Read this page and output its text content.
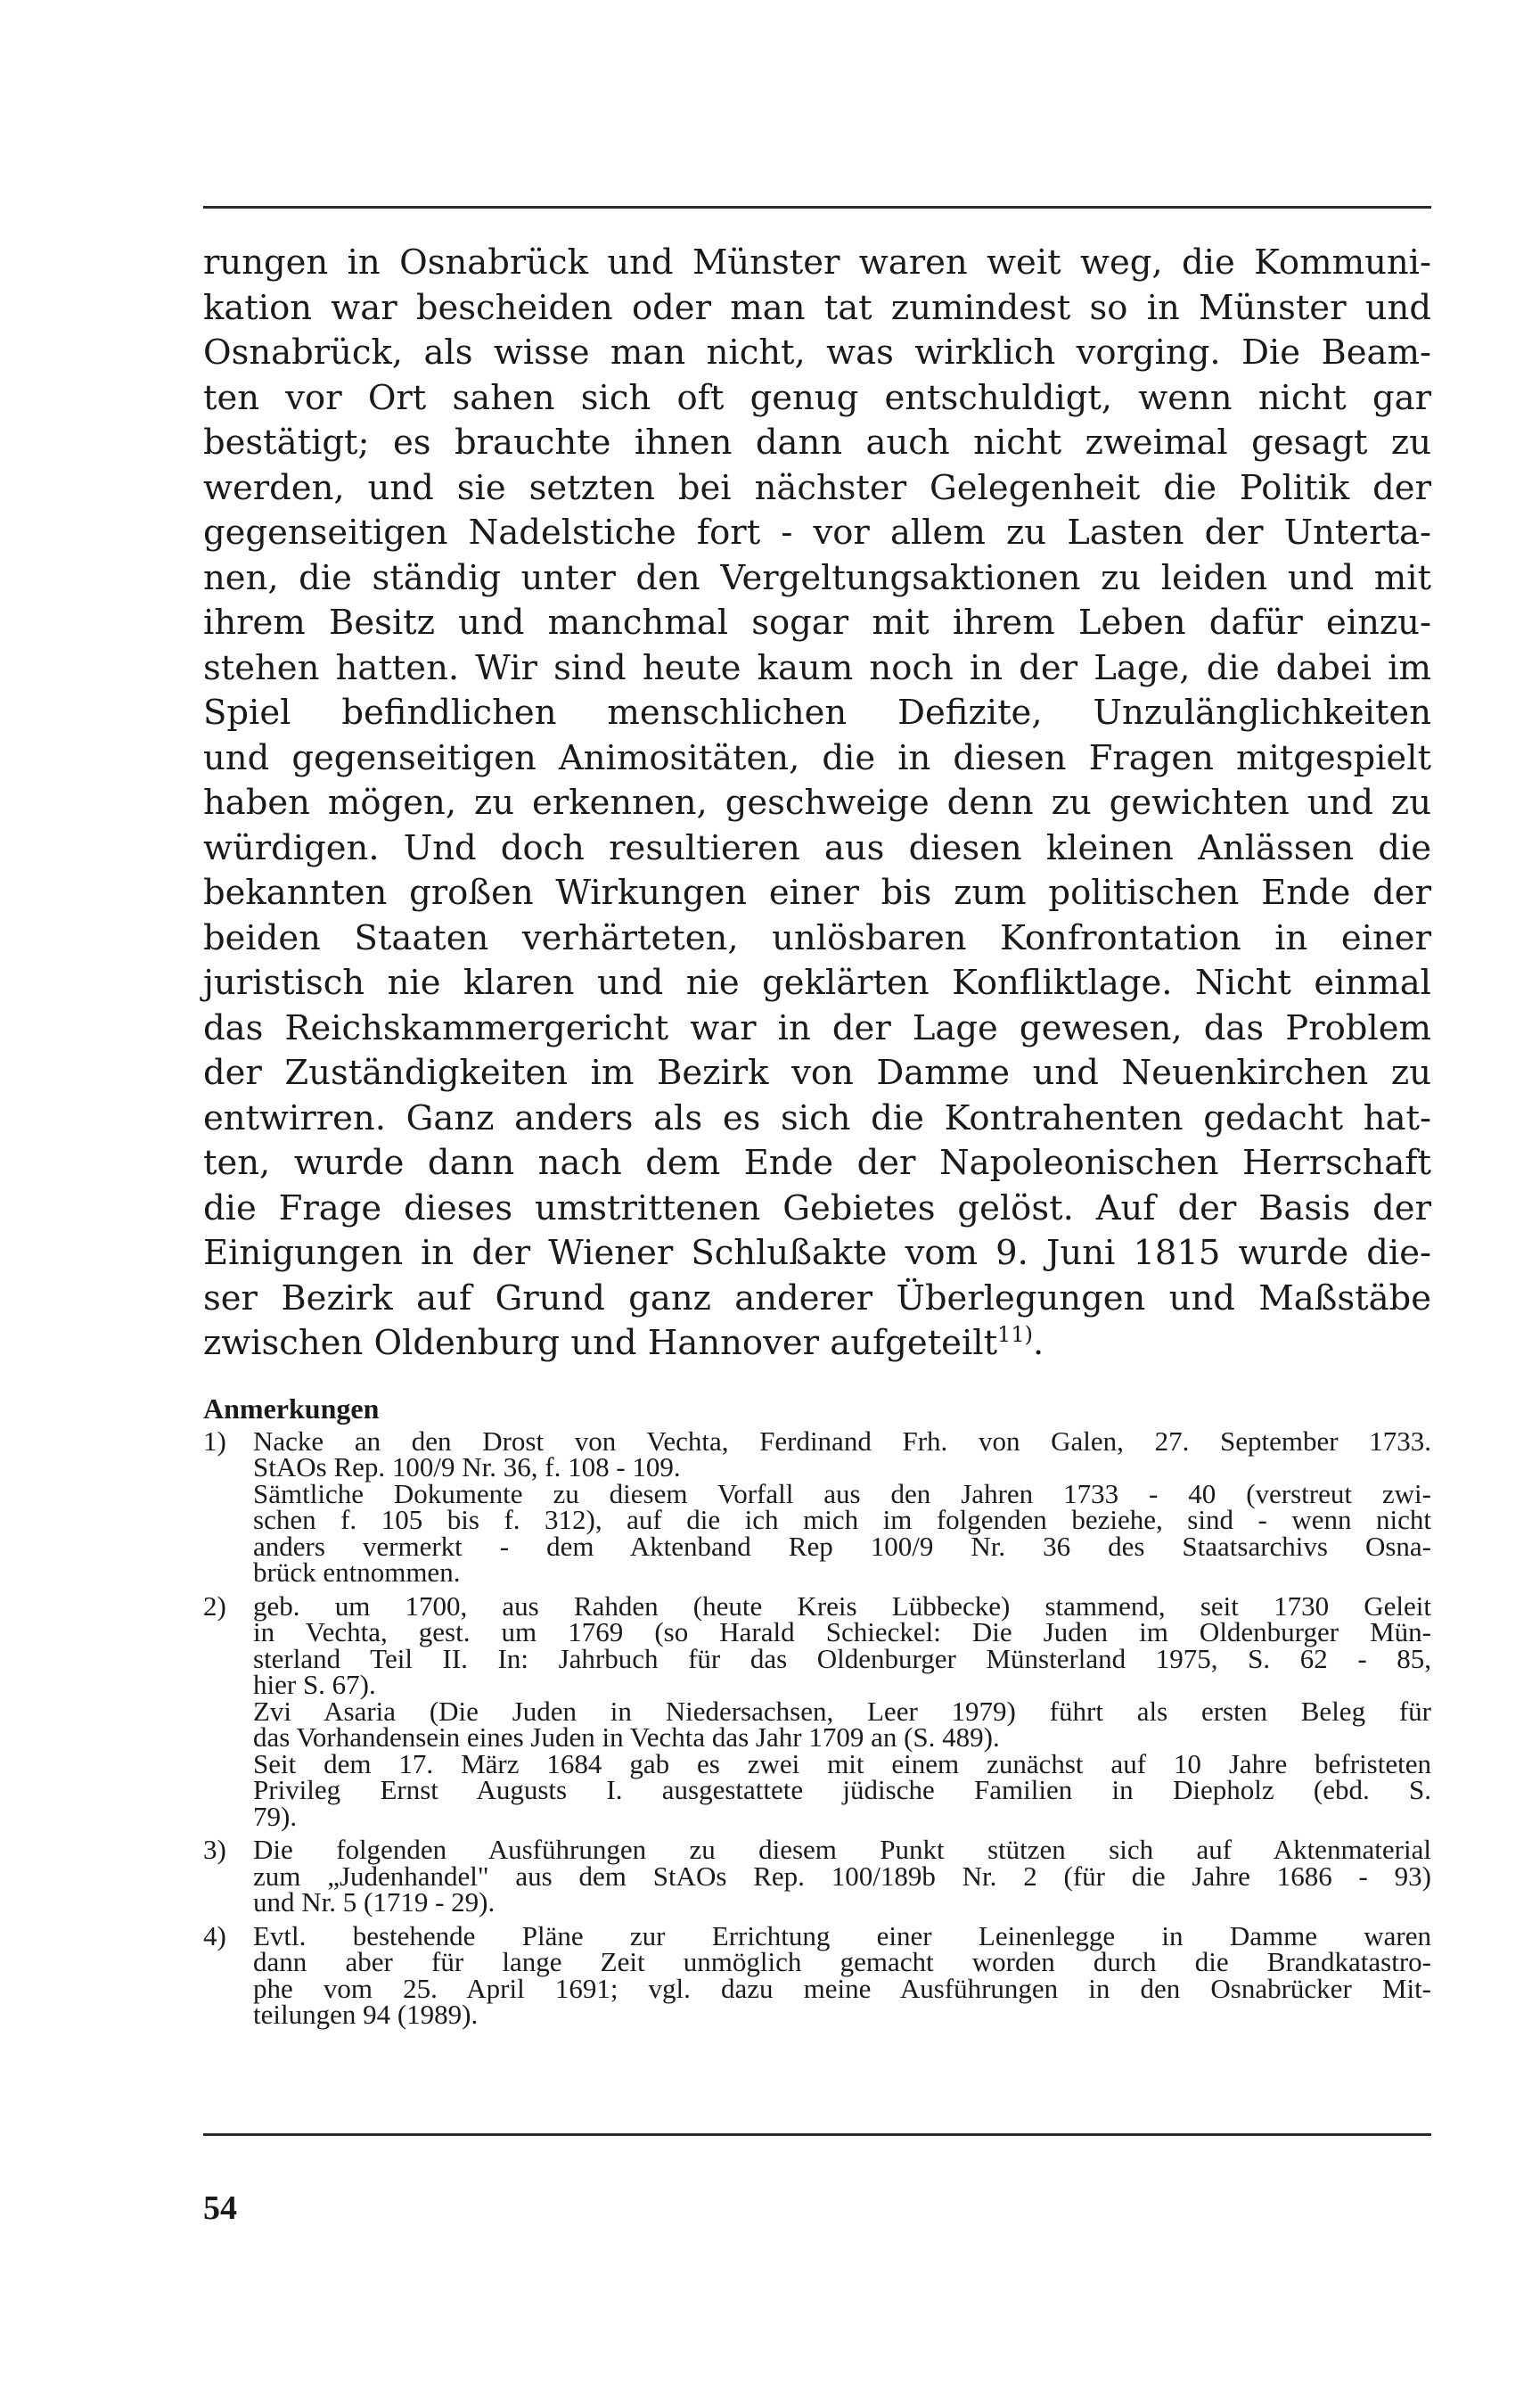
rungen in Osnabrück und Münster waren weit weg, die Kommuni-
kation war bescheiden oder man tat zumindest so in Münster und
Osnabrück, als wisse man nicht, was wirklich vorging. Die Beam-
ten vor Ort sahen sich oft genug entschuldigt, wenn nicht gar
bestätigt; es brauchte ihnen dann auch nicht zweimal gesagt zu
werden, und sie setzten bei nächster Gelegenheit die Politik der
gegenseitigen Nadelstiche fort - vor allem zu Lasten der Unterta-
nen, die ständig unter den Vergeltungsaktionen zu leiden und mit
ihrem Besitz und manchmal sogar mit ihrem Leben dafür einzu-
stehen hatten. Wir sind heute kaum noch in der Lage, die dabei im
Spiel befindlichen menschlichen Defizite, Unzulänglichkeiten
und gegenseitigen Animositäten, die in diesen Fragen mitgespielt
haben mögen, zu erkennen, geschweige denn zu gewichten und zu
würdigen. Und doch resultieren aus diesen kleinen Anlässen die
bekannten großen Wirkungen einer bis zum politischen Ende der
beiden Staaten verhärteten, unlösbaren Konfrontation in einer
juristisch nie klaren und nie geklärten Konfliktlage. Nicht einmal
das Reichskammergericht war in der Lage gewesen, das Problem
der Zuständigkeiten im Bezirk von Damme und Neuenkirchen zu
entwirren. Ganz anders als es sich die Kontrahenten gedacht hat-
ten, wurde dann nach dem Ende der Napoleonischen Herrschaft
die Frage dieses umstrittenen Gebietes gelöst. Auf der Basis der
Einigungen in der Wiener Schlußakte vom 9. Juni 1815 wurde die-
ser Bezirk auf Grund ganz anderer Überlegungen und Maßstäbe
zwischen Oldenburg und Hannover aufgeteilt$^{11)}$.
Anmerkungen
1) Nacke an den Drost von Vechta, Ferdinand Frh. von Galen, 27. September 1733.
StAOs Rep. 100/9 Nr. 36, f. 108 - 109.
Sämtliche Dokumente zu diesem Vorfall aus den Jahren 1733 - 40 (verstreut zwi-
schen f. 105 bis f. 312), auf die ich mich im folgenden beziehe, sind - wenn nicht
anders vermerkt - dem Aktenband Rep 100/9 Nr. 36 des Staatsarchivs Osna-
brück entnommen.
2) geb. um 1700, aus Rahden (heute Kreis Lübbecke) stammend, seit 1730 Geleit
in Vechta, gest. um 1769 (so Harald Schieckel: Die Juden im Oldenburger Mün-
sterland Teil II. In: Jahrbuch für das Oldenburger Münsterland 1975, S. 62 - 85,
hier S. 67).
Zvi Asaria (Die Juden in Niedersachsen, Leer 1979) führt als ersten Beleg für
das Vorhandensein eines Juden in Vechta das Jahr 1709 an (S. 489).
Seit dem 17. März 1684 gab es zwei mit einem zunächst auf 10 Jahre befristeten
Privileg Ernst Augusts I. ausgestattete jüdische Familien in Diepholz (ebd. S.
79).
3) Die folgenden Ausführungen zu diesem Punkt stützen sich auf Aktenmaterial
zum „Judenhandel" aus dem StAOs Rep. 100/189b Nr. 2 (für die Jahre 1686 - 93)
und Nr. 5 (1719 - 29).
4) Evtl. bestehende Pläne zur Errichtung einer Leinenlegge in Damme waren
dann aber für lange Zeit unmöglich gemacht worden durch die Brandkatastro-
phe vom 25. April 1691; vgl. dazu meine Ausführungen in den Osnabrücker Mit-
teilungen 94 (1989).
54
